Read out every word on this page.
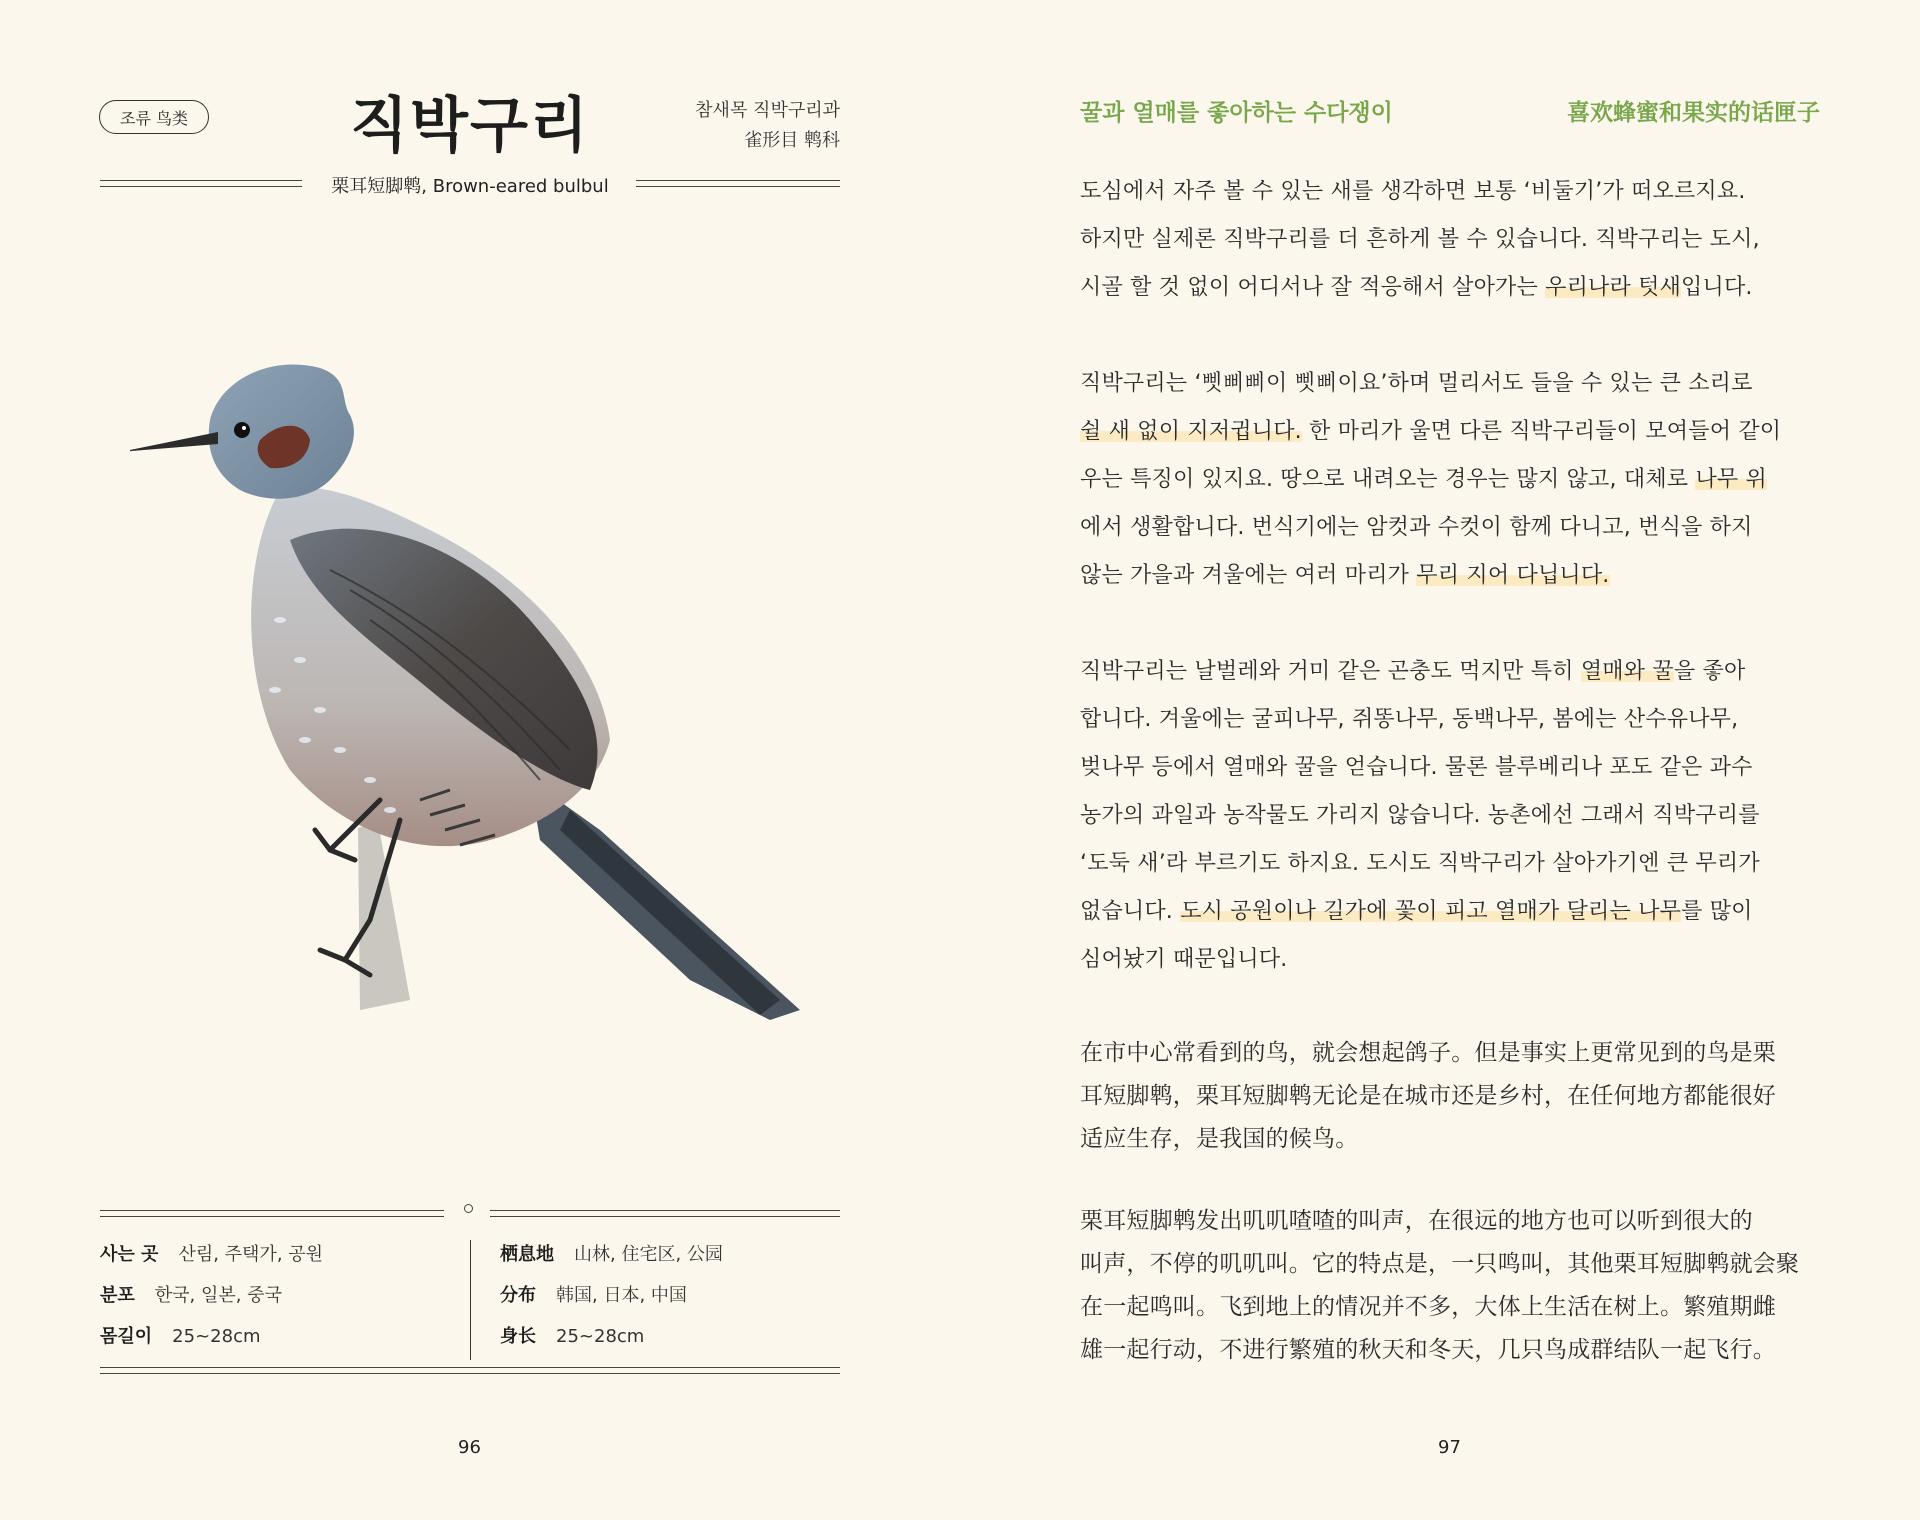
조류 鸟类	직박구리	참새목 직박구리과
雀形目 鹎科
栗耳短脚鹎, Brown-eared bulbul
사는 곳 산림, 주택가, 공원
분포 한국, 일본, 중국
몸길이 25~28cm
栖息地 山林, 住宅区, 公园
分布 韩国, 日本, 中国
身长 25~28cm
96
꿀과 열매를 좋아하는 수다쟁이	喜欢蜂蜜和果实的话匣子
도심에서 자주 볼 수 있는 새를 생각하면 보통 ‘비둘기’가 떠오르지요.
하지만 실제론 직박구리를 더 흔하게 볼 수 있습니다. 직박구리는 도시,
시골 할 것 없이 어디서나 잘 적응해서 살아가는 우리나라 텃새입니다.
직박구리는 ‘삣삐삐이 삣삐이요’하며 멀리서도 들을 수 있는 큰 소리로
쉴 새 없이 지저귑니다. 한 마리가 울면 다른 직박구리들이 모여들어 같이
우는 특징이 있지요. 땅으로 내려오는 경우는 많지 않고, 대체로 나무 위
에서 생활합니다. 번식기에는 암컷과 수컷이 함께 다니고, 번식을 하지
않는 가을과 겨울에는 여러 마리가 무리 지어 다닙니다.
직박구리는 날벌레와 거미 같은 곤충도 먹지만 특히 열매와 꿀을 좋아
합니다. 겨울에는 굴피나무, 쥐똥나무, 동백나무, 봄에는 산수유나무,
벚나무 등에서 열매와 꿀을 얻습니다. 물론 블루베리나 포도 같은 과수
농가의 과일과 농작물도 가리지 않습니다. 농촌에선 그래서 직박구리를
‘도둑 새’라 부르기도 하지요. 도시도 직박구리가 살아가기엔 큰 무리가
없습니다. 도시 공원이나 길가에 꽃이 피고 열매가 달리는 나무를 많이
심어놨기 때문입니다.
在市中心常看到的鸟，就会想起鸽子。但是事实上更常见到的鸟是栗
耳短脚鹎，栗耳短脚鹎无论是在城市还是乡村，在任何地方都能很好
适应生存，是我国的候鸟。
栗耳短脚鹎发出叽叽喳喳的叫声，在很远的地方也可以听到很大的
叫声，不停的叽叽叫。它的特点是，一只鸣叫，其他栗耳短脚鹎就会聚
在一起鸣叫。飞到地上的情况并不多，大体上生活在树上。繁殖期雌
雄一起行动，不进行繁殖的秋天和冬天，几只鸟成群结队一起飞行。
97
